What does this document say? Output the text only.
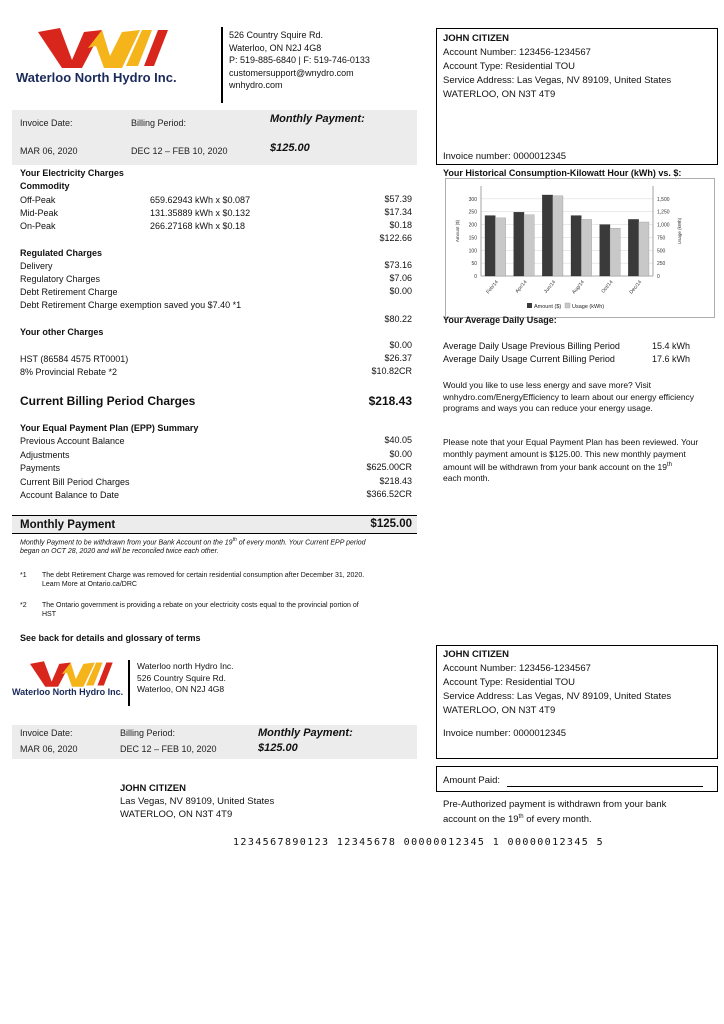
Waterloo North Hydro Inc.
526 Country Squire Rd.
Waterloo, ON N2J 4G8
P: 519-885-6840 | F: 519-746-0133
customersupport@wnydro.com
wnhydro.com
JOHN CITIZEN
Account Number: 123456-1234567
Account Type: Residential TOU
Service Address: Las Vegas, NV 89109, United States
WATERLOO, ON N3T 4T9
Invoice number: 0000012345
Invoice Date:	Billing Period:	Monthly Payment:
MAR 06, 2020	DEC 12 – FEB 10, 2020	$125.00
Your Electricity Charges
Commodity
Off-Peak	659.62943 kWh x $0.087	$57.39
Mid-Peak	131.35889 kWh x $0.132	$17.34
On-Peak	266.27168 kWh x $0.18	$0.18
$122.66
Regulated Charges
Delivery	$73.16
Regulatory Charges	$7.06
Debt Retirement Charge	$0.00
Debt Retirement Charge exemption saved you $7.40 *1
$80.22
Your other Charges
$0.00
HST (86584 4575 RT0001)	$26.37
8% Provincial Rebate *2	$10.82CR
Current Billing Period Charges	$218.43
Your Equal Payment Plan (EPP) Summary
Previous Account Balance	$40.05
Adjustments	$0.00
Payments	$625.00CR
Current Bill Period Charges	$218.43
Account Balance to Date	$366.52CR
Monthly Payment	$125.00
Monthly Payment to be withdrawn from your Bank Account on the 19th of every month. Your Current EPP period
began on OCT 28, 2020 and will be reconciled twice each other.
*1 The debt Retirement Charge was removed for certain residential consumption after December 31, 2020.
Learn More at Ontario.ca/DRC
*2 The Ontario government is providing a rebate on your electricity costs equal to the provincial portion of
HST
See back for details and glossary of terms
Your Historical Consumption-Kilowatt Hour (kWh) vs. $:
0
50
100
150
200
250
300
0
250
500
750
1,000
1,250
1,500
Amount ($)	Usage (kWh)
Feb/14	Apr/14	Jun/14	Aug/14	Oct/14	Dec/14
Amount ($) Usage (kWh)
Your Average Daily Usage:
Average Daily Usage Previous Billing Period	15.4 kWh
Average Daily Usage Current Billing Period	17.6 kWh
Would you like to use less energy and save more? Visit
wnhydro.com/EnergyEfficiency to learn about our energy efficiency
programs and ways you can reduce your energy usage.
Please note that your Equal Payment Plan has been reviewed. Your
monthly payment amount is $125.00. This new monthly payment
amount will be withdrawn from your bank account on the 19th
each month.
Waterloo North Hydro Inc.
Waterloo north Hydro Inc.
526 Country Squire Rd.
Waterloo, ON N2J 4G8
JOHN CITIZEN
Account Number: 123456-1234567
Account Type: Residential TOU
Service Address: Las Vegas, NV 89109, United States
WATERLOO, ON N3T 4T9
Invoice number: 0000012345
Invoice Date:	Billing Period:	Monthly Payment:
MAR 06, 2020	DEC 12 – FEB 10, 2020	$125.00
Amount Paid:
Pre-Authorized payment is withdrawn from your bank
account on the 19th of every month.
JOHN CITIZEN
Las Vegas, NV 89109, United States
WATERLOO, ON N3T 4T9
1234567890123 12345678 00000012345 1 00000012345 5
